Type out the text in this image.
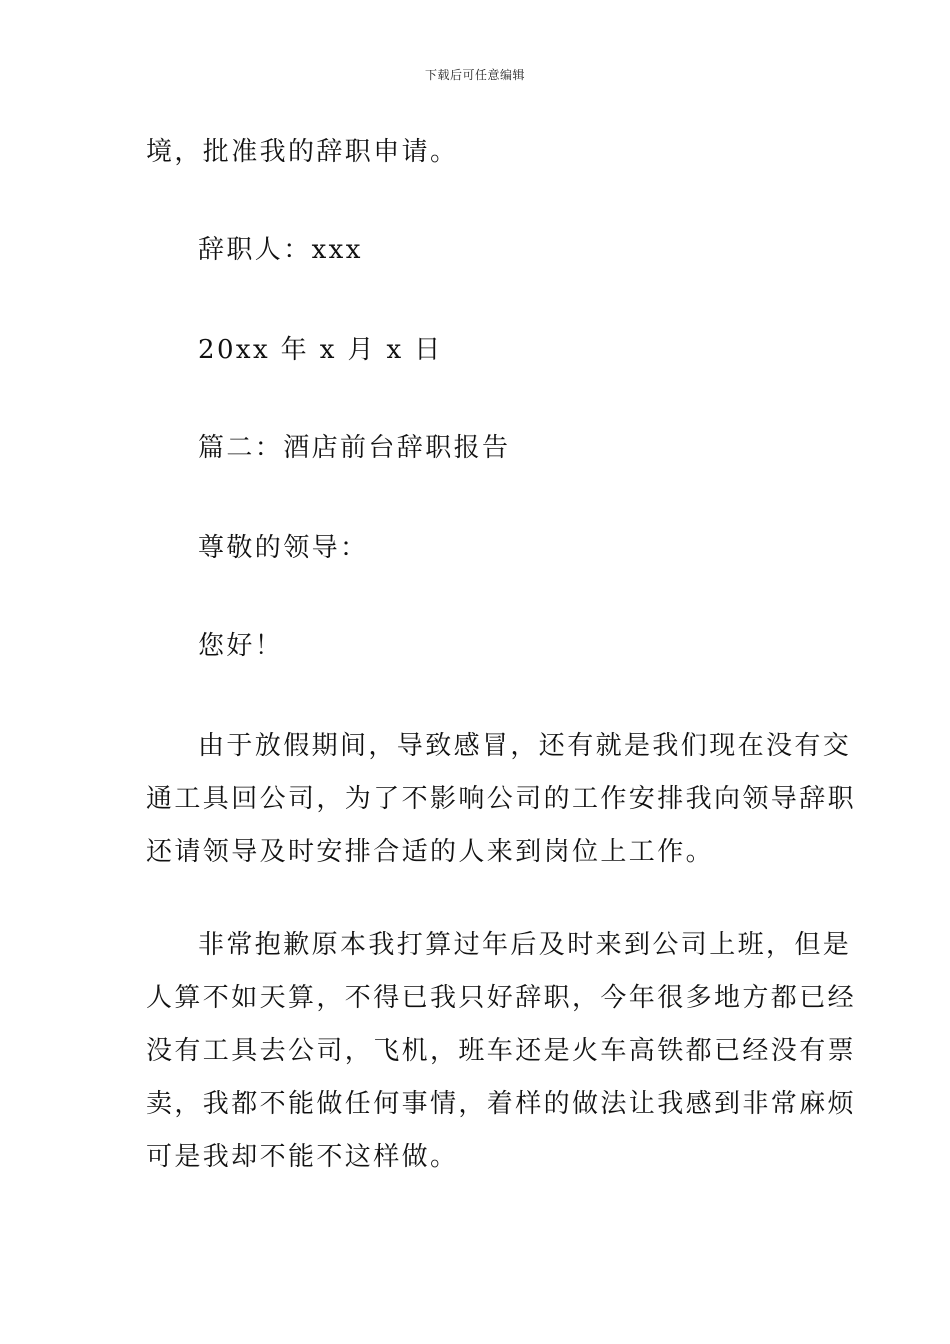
下载后可任意编辑
境，批准我的辞职申请。
辞职人：xxx
20xx 年 x 月 x 日
篇二：酒店前台辞职报告
尊敬的领导：
您好！
由于放假期间，导致感冒，还有就是我们现在没有交
通工具回公司，为了不影响公司的工作安排我向领导辞职
还请领导及时安排合适的人来到岗位上工作。
非常抱歉原本我打算过年后及时来到公司上班，但是
人算不如天算，不得已我只好辞职，今年很多地方都已经
没有工具去公司，飞机，班车还是火车高铁都已经没有票
卖，我都不能做任何事情，着样的做法让我感到非常麻烦
可是我却不能不这样做。
